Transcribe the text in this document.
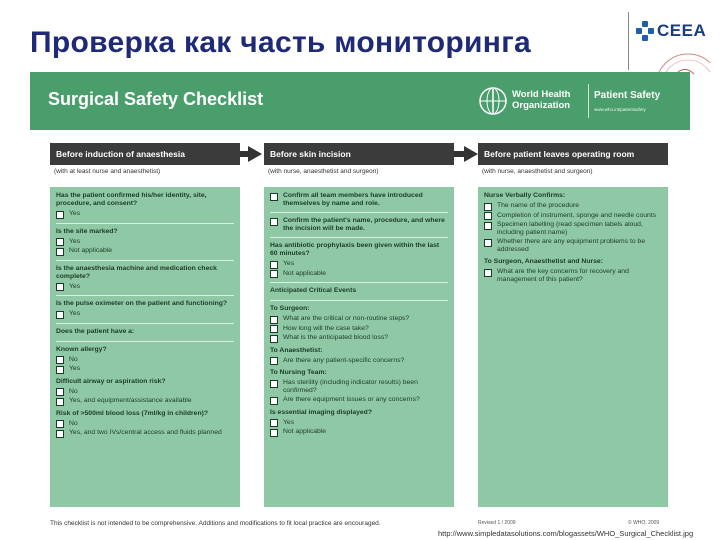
Проверка как часть мониторинга	CEEA
Surgical Safety Checklist	World Health
Organization
Patient Safety
www.who.int/patientsafety
Before induction of anaesthesia	Before skin incision	Before patient leaves operating room
(with at least nurse and anaesthetist)	(with nurse, anaesthetist and surgeon)	(with nurse, anaesthetist and surgeon)
Has the patient confirmed his/her identity, site, procedure, and consent?
Yes
Is the site marked?
Yes
Not applicable
Is the anaesthesia machine and medication check complete?
Yes
Is the pulse oximeter on the patient and functioning?
Yes
Does the patient have a:
Known allergy?
No
Yes
Difficult airway or aspiration risk?
No
Yes, and equipment/assistance available
Risk of >500ml blood loss (7ml/kg in children)?
No
Yes, and two IVs/central access and fluids planned
Confirm all team members have introduced themselves by name and role.
Confirm the patient's name, procedure, and where the incision will be made.
Has antibiotic prophylaxis been given within the last 60 minutes?
Yes
Not applicable
Anticipated Critical Events
To Surgeon:
What are the critical or non-routine steps?
How long will the case take?
What is the anticipated blood loss?
To Anaesthetist:
Are there any patient-specific concerns?
To Nursing Team:
Has sterility (including indicator results) been confirmed?
Are there equipment issues or any concerns?
Is essential imaging displayed?
Yes
Not applicable
Nurse Verbally Confirms:
The name of the procedure
Completion of instrument, sponge and needle counts
Specimen labelling (read specimen labels aloud, including patient name)
Whether there are any equipment problems to be addressed
To Surgeon, Anaesthetist and Nurse:
What are the key concerns for recovery and management of this patient?
This checklist is not intended to be comprehensive. Additions and modifications to fit local practice are encouraged.	Revised 1 / 2009	© WHO, 2009
http://www.simpledatasolutions.com/blogassets/WHO_Surgical_Checklist.jpg
